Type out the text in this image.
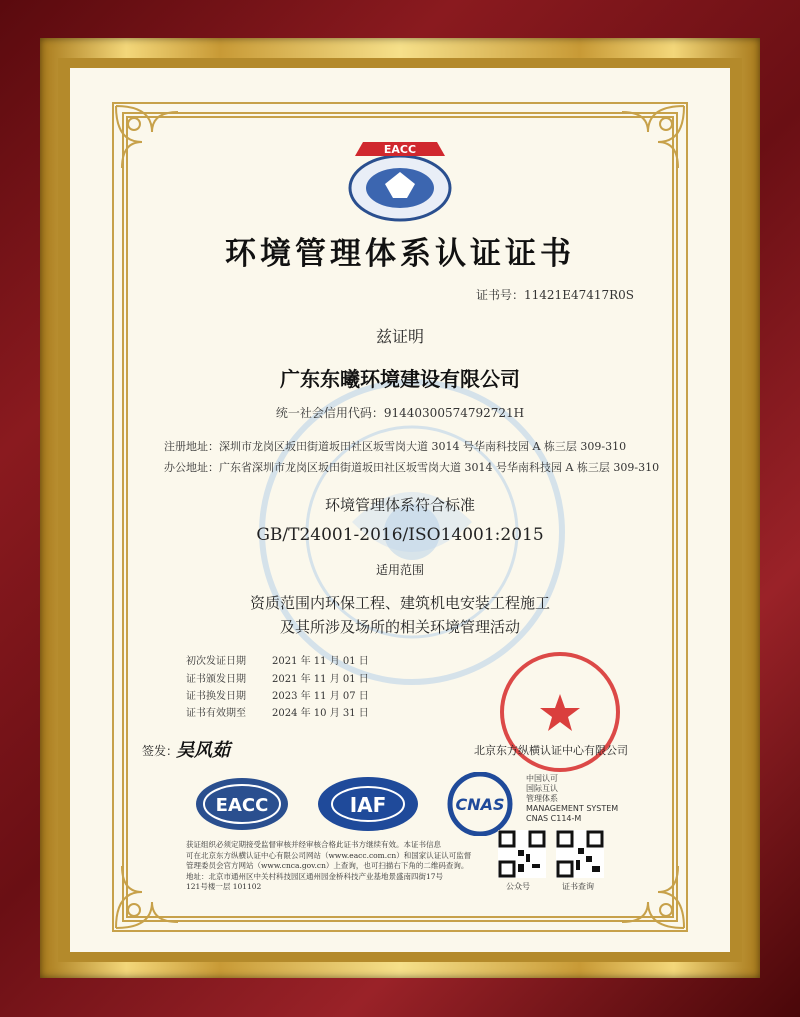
EACC
环境管理体系认证证书
证书号：11421E47417R0S
兹证明
广东东曦环境建设有限公司
统一社会信用代码：91440300574792721H
注册地址：深圳市龙岗区坂田街道坂田社区坂雪岗大道 3014 号华南科技园 A 栋三层 309-310
办公地址：广东省深圳市龙岗区坂田街道坂田社区坂雪岗大道 3014 号华南科技园 A 栋三层 309-310
环境管理体系符合标准
GB/T24001-2016/ISO14001:2015
适用范围
资质范围内环保工程、建筑机电安装工程施工
及其所涉及场所的相关环境管理活动
初次发证日期	2021 年 11 月 01 日
证书颁发日期	2021 年 11 月 01 日
证书换发日期	2023 年 11 月 07 日
证书有效期至	2024 年 10 月 31 日
签发：
吴风茹	北京东方纵横认证中心有限公司
EACC	IAF	CNAS
中国认可
国际互认
管理体系
MANAGEMENT SYSTEM
CNAS C114-M
获证组织必须定期接受监督审核并经审核合格此证书方继续有效。本证书信息
可在北京东方纵横认证中心有限公司网站（www.eacc.com.cn）和国家认证认可监督
管理委员会官方网站（www.cnca.gov.cn）上查询，也可扫描右下角的二维码查询。
地址：北京市通州区中关村科技园区通州园金桥科技产业基地景盛南四街17号
121号楼一层 101102	公众号	证书查询
